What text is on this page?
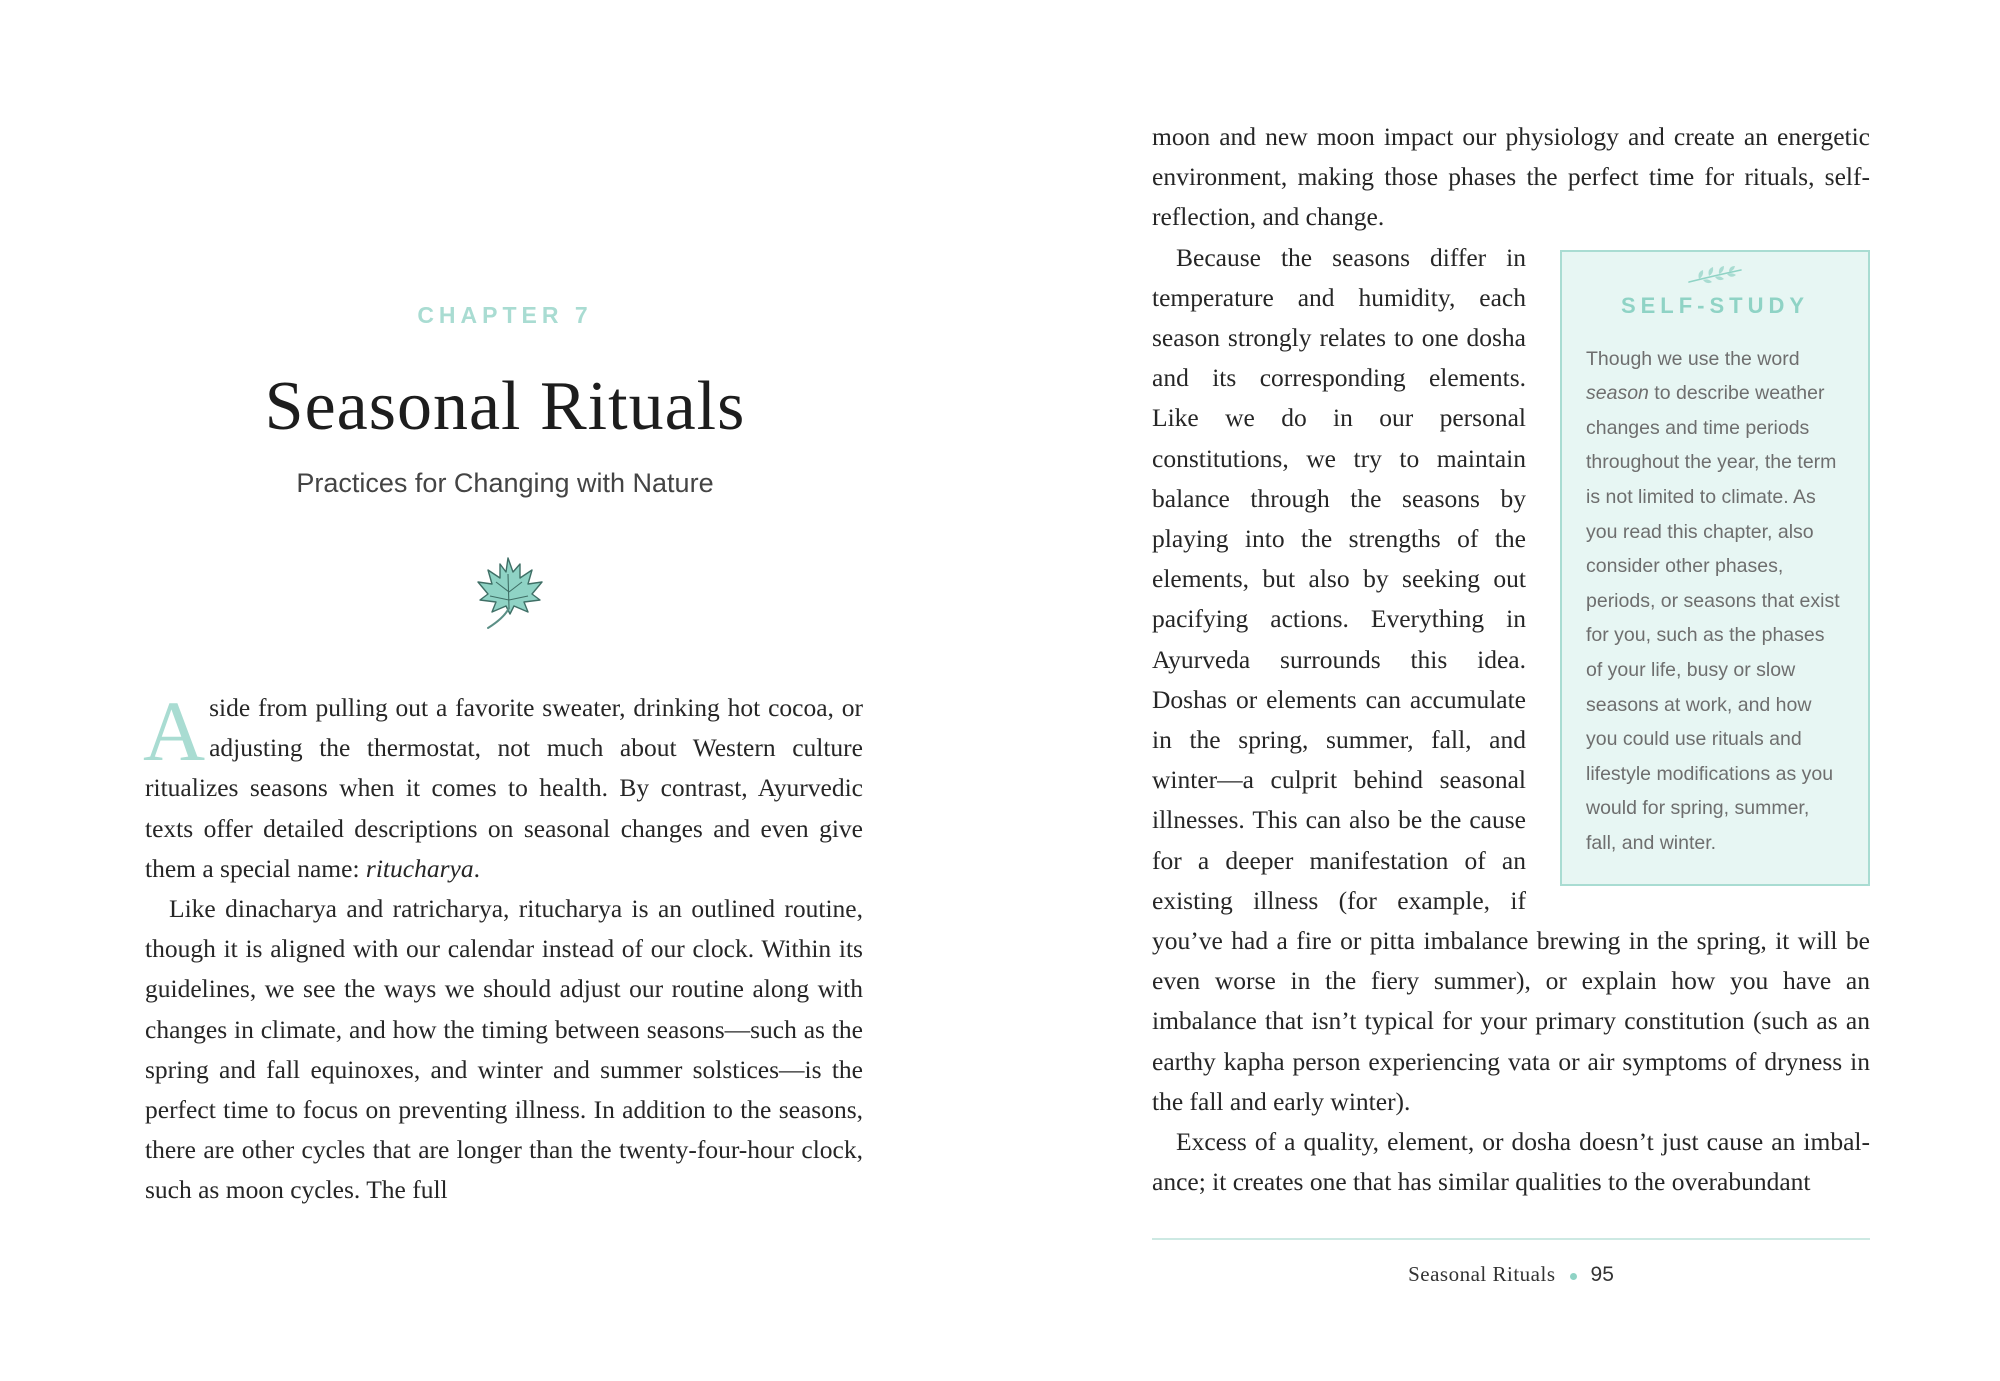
CHAPTER 7
Seasonal Rituals
Practices for Changing with Nature

Aside from pulling out a favorite sweater, drinking hot cocoa, or adjusting the thermostat, not much about Western culture ritualizes seasons when it comes to health. By contrast, Ayurvedic texts offer detailed descriptions on seasonal changes and even give them a special name: ritucharya.

Like dinacharya and ratricharya, ritucharya is an outlined routine, though it is aligned with our calendar instead of our clock. Within its guidelines, we see the ways we should adjust our routine along with changes in climate, and how the timing between seasons—such as the spring and fall equinoxes, and winter and summer solstices—is the perfect time to focus on preventing illness. In addition to the seasons, there are other cycles that are longer than the twenty-four-hour clock, such as moon cycles. The full

moon and new moon impact our physiology and create an energetic environment, making those phases the perfect time for rituals, self-reflection, and change.

SELF-STUDY

Though we use the word season to describe weather changes and time periods throughout the year, the term is not limited to climate. As you read this chapter, also consider other phases, periods, or seasons that exist for you, such as the phases of your life, busy or slow seasons at work, and how you could use rituals and lifestyle modifications as you would for spring, summer, fall, and winter.

Because the seasons differ in temperature and humidity, each season strongly relates to one dosha and its corresponding elements. Like we do in our personal constitutions, we try to maintain balance through the seasons by playing into the strengths of the elements, but also by seeking out pacifying actions. Everything in Ayurveda surrounds this idea. Doshas or elements can accumulate in the spring, summer, fall, and winter—a culprit behind seasonal illnesses. This can also be the cause for a deeper manifestation of an existing illness (for example, if you’ve had a fire or pitta imbalance brewing in the spring, it will be even worse in the fiery summer), or explain how you have an imbalance that isn’t typical for your primary constitution (such as an earthy kapha person experiencing vata or air symptoms of dryness in the fall and early winter).

Excess of a quality, element, or dosha doesn’t just cause an imbalance; it creates one that has similar qualities to the overabundant

Seasonal Rituals 95
